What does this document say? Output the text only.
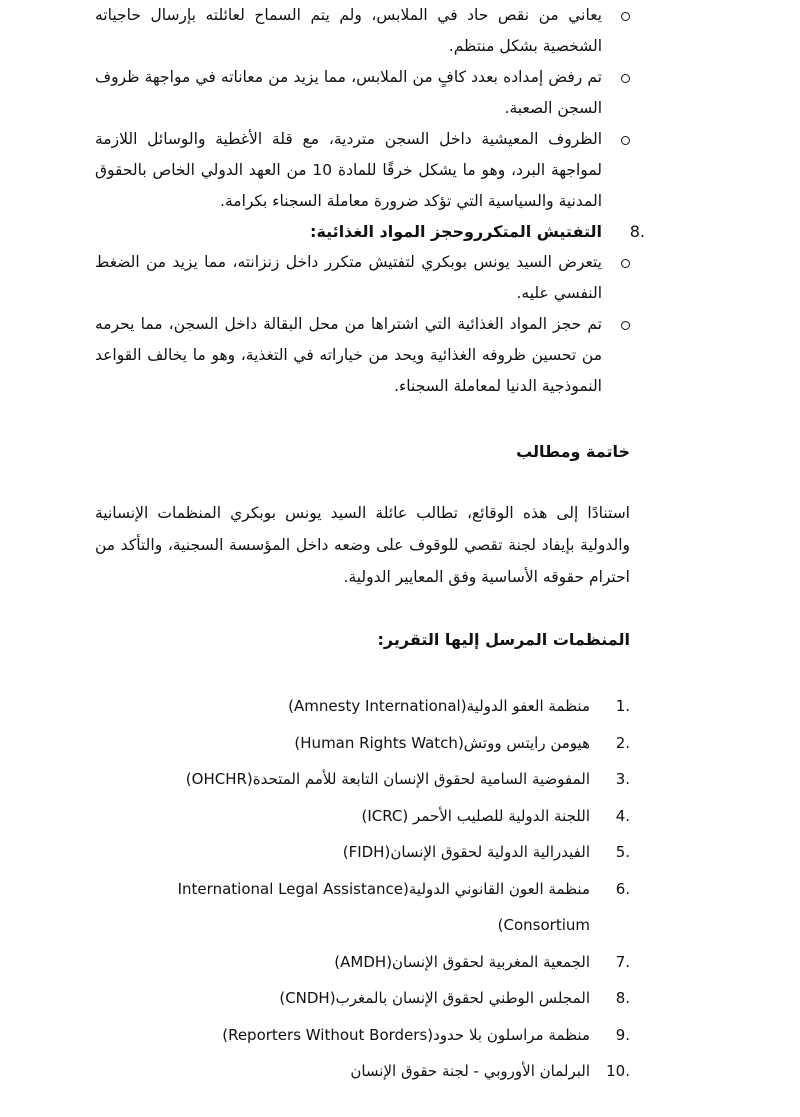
يعاني من نقص حاد في الملابس، ولم يتم السماح لعائلته بإرسال حاجياته الشخصية بشكل منتظم.
تم رفض إمداده بعدد كافٍ من الملابس، مما يزيد من معاناته في مواجهة ظروف السجن الصعبة.
الظروف المعيشية داخل السجن متردية، مع قلة الأغطية والوسائل اللازمة لمواجهة البرد، وهو ما يشكل خرقًا للمادة 10 من العهد الدولي الخاص بالحقوق المدنية والسياسية التي تؤكد ضرورة معاملة السجناء بكرامة.
8.
التفتيش المتكرروحجز المواد الغذائية:
يتعرض السيد يونس بوبكري لتفتيش متكرر داخل زنزانته، مما يزيد من الضغط النفسي عليه.
تم حجز المواد الغذائية التي اشتراها من محل البقالة داخل السجن، مما يحرمه من تحسين ظروفه الغذائية ويحد من خياراته في التغذية، وهو ما يخالف القواعد النموذجية الدنيا لمعاملة السجناء.
خاتمة ومطالب

استنادًا إلى هذه الوقائع، تطالب عائلة السيد يونس بوبكري المنظمات الإنسانية والدولية بإيفاد لجنة تقصي للوقوف على وضعه داخل المؤسسة السجنية، والتأكد من احترام حقوقه الأساسية وفق المعايير الدولية.

المنظمات المرسل إليها التقرير:
1.
منظمة العفو الدولية(Amnesty International)
2.
هيومن رايتس ووتش(Human Rights Watch)
3.
المفوضية السامية لحقوق الإنسان التابعة للأمم المتحدة(OHCHR)
4.
اللجنة الدولية للصليب الأحمر (ICRC)
5.
الفيدرالية الدولية لحقوق الإنسان(FIDH)
6.
منظمة العون القانوني الدولية(International Legal Assistance Consortium)
7.
الجمعية المغربية لحقوق الإنسان(AMDH)
8.
المجلس الوطني لحقوق الإنسان بالمغرب(CNDH)
9.
منظمة مراسلون بلا حدود(Reporters Without Borders)
10.
البرلمان الأوروبي - لجنة حقوق الإنسان
